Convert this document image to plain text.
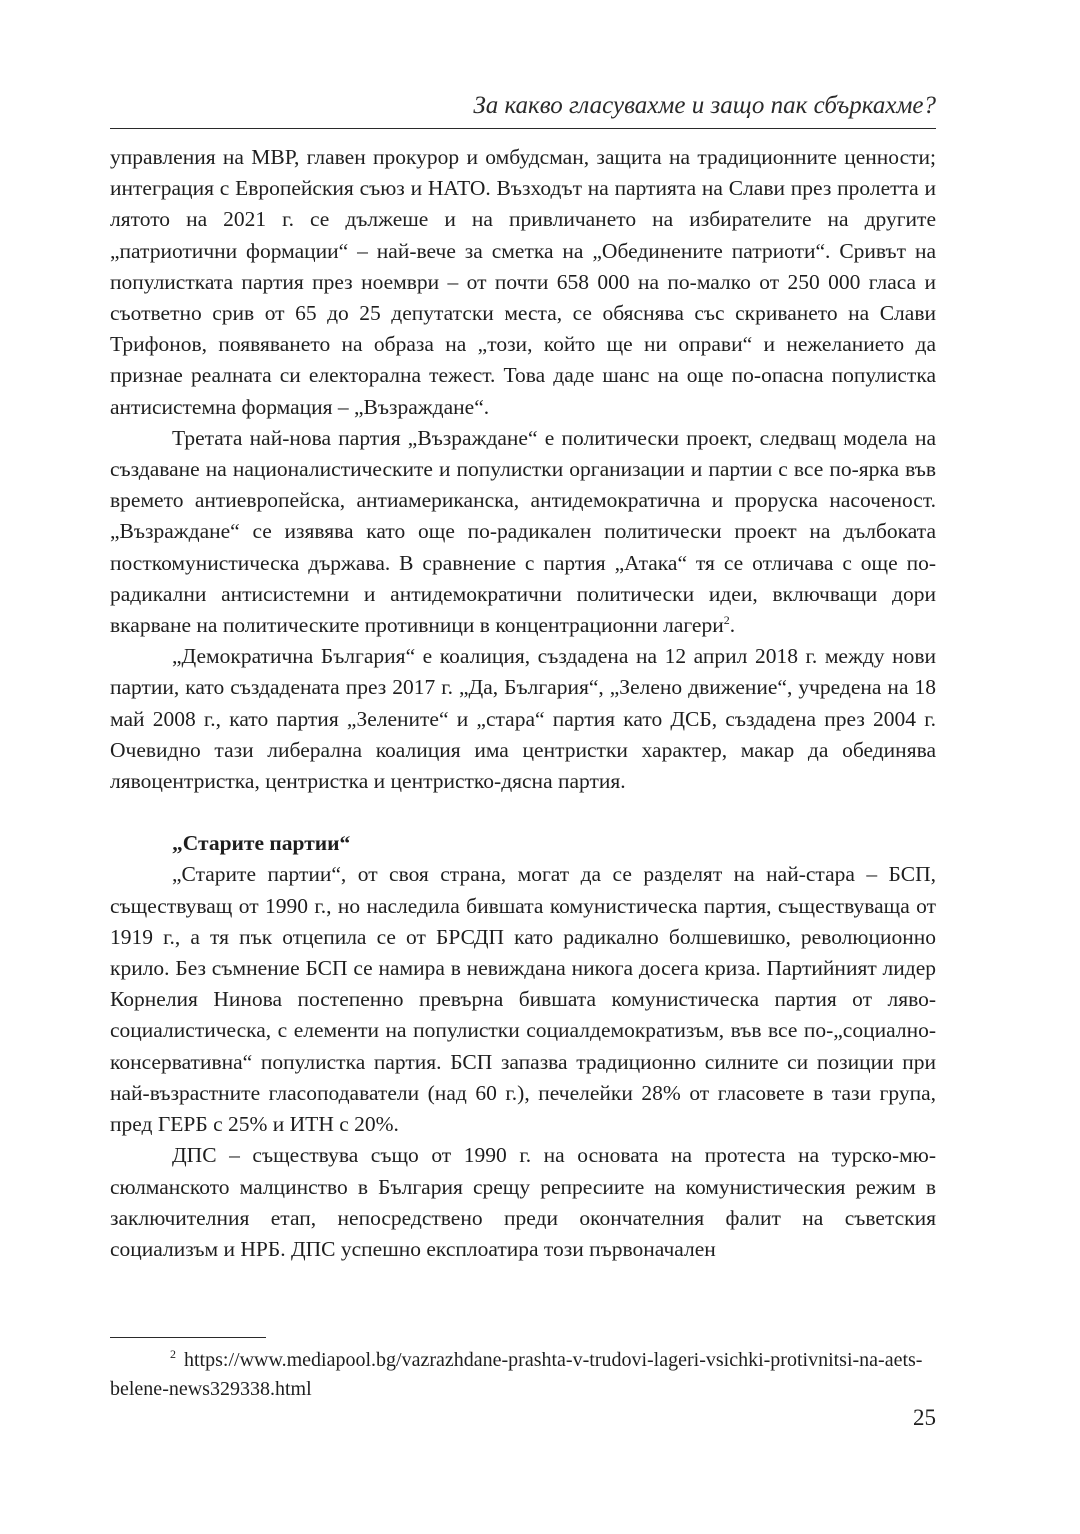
За какво гласувахме и защо пак сбъркахме?

управления на МВР, главен прокурор и омбудсман, защита на традиционните ценности; интеграция с Европейския съюз и НАТО. Възходът на партията на Слави през пролетта и лятото на 2021 г. се дължеше и на привличането на избирателите на другите „патриотични формации“ – най-вече за сметка на „Обединените патриоти“. Сривът на популистката партия през ноември – от почти 658 000 на по-малко от 250 000 гласа и съответно срив от 65 до 25 депутатски места, се обяснява със скриването на Слави Трифонов, появяването на образа на „този, който ще ни оправи“ и нежеланието да признае реалната си електорална тежест. Това даде шанс на още по-опасна популистка антисистемна формация – „Възраждане“.

Третата най-нова партия „Възраждане“ е политически проект, следващ модела на създаване на националистическите и популистки организации и партии с все по-ярка във времето антиевропейска, антиамериканска, антидемократична и проруска насоченост. „Възраждане“ се изявява като още по-радикален политически проект на дълбоката посткомунистическа държава. В сравнение с партия „Атака“ тя се отличава с още по-радикални антисистемни и антидемократични политически идеи, включващи дори вкарване на политическите противници в концентрационни лагери$^2$.

„Демократична България“ е коалиция, създадена на 12 април 2018 г. между нови партии, като създадената през 2017 г. „Да, България“, „Зелено движение“, учредена на 18 май 2008 г., като партия „Зелените“ и „стара“ партия като ДСБ, създадена през 2004 г. Очевидно тази либерална коалиция има центристки характер, макар да обединява лявоцентристка, центристка и центристко-дясна партия.

„Старите партии“

„Старите партии“, от своя страна, могат да се разделят на най-стара – БСП, съществуващ от 1990 г., но наследила бившата комунистическа партия, съществуваща от 1919 г., а тя пък отцепила се от БРСДП като радикално болшевишко, революционно крило. Без съмнение БСП се намира в невиждана никога досега криза. Партийният лидер Корнелия Нинова постепенно превърна бившата комунистическа партия от ляво-социалистическа, с елементи на популистки социалдемократизъм, във все по-„социално-консервативна“ популистка партия. БСП запазва традиционно силните си позиции при най-възрастните гласоподаватели (над 60 г.), печелейки 28% от гласовете в тази група, пред ГЕРБ с 25% и ИТН с 20%.

ДПС – съществува също от 1990 г. на основата на протеста на турско-мюсюлманското малцинство в България срещу репресиите на комунистическия режим в заключителния етап, непосредствено преди окончателния фалит на съветския социализъм и НРБ. ДПС успешно експлоатира този първоначален

$^2$ https://www.mediapool.bg/vazrazhdane-prashta-v-trudovi-lageri-vsichki-protivnitsi-na-aets-belene-news329338.html
25
